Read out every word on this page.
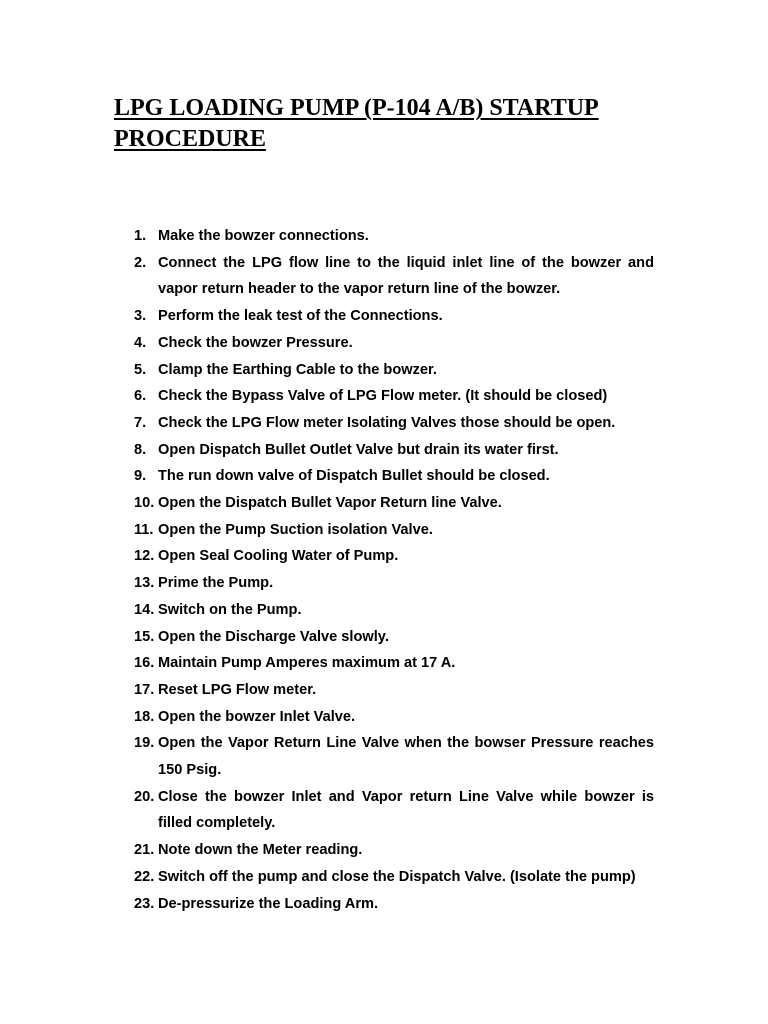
LPG LOADING PUMP (P-104 A/B) STARTUP PROCEDURE
1. Make the bowzer connections.
2. Connect the LPG flow line to the liquid inlet line of the bowzer and vapor return header to the vapor return line of the bowzer.
3. Perform the leak test of the Connections.
4. Check the bowzer Pressure.
5. Clamp the Earthing Cable to the bowzer.
6. Check the Bypass Valve of LPG Flow meter. (It should be closed)
7. Check the LPG Flow meter Isolating Valves those should be open.
8. Open Dispatch Bullet Outlet Valve but drain its water first.
9. The run down valve of Dispatch Bullet should be closed.
10. Open the Dispatch Bullet Vapor Return line Valve.
11. Open the Pump Suction isolation Valve.
12. Open Seal Cooling Water of Pump.
13. Prime the Pump.
14. Switch on the Pump.
15. Open the Discharge Valve slowly.
16. Maintain Pump Amperes maximum at 17 A.
17. Reset LPG Flow meter.
18. Open the bowzer Inlet Valve.
19. Open the Vapor Return Line Valve when the bowser Pressure reaches 150 Psig.
20. Close the bowzer Inlet and Vapor return Line Valve while bowzer is filled completely.
21. Note down the Meter reading.
22. Switch off the pump and close the Dispatch Valve. (Isolate the pump)
23. De-pressurize the Loading Arm.
